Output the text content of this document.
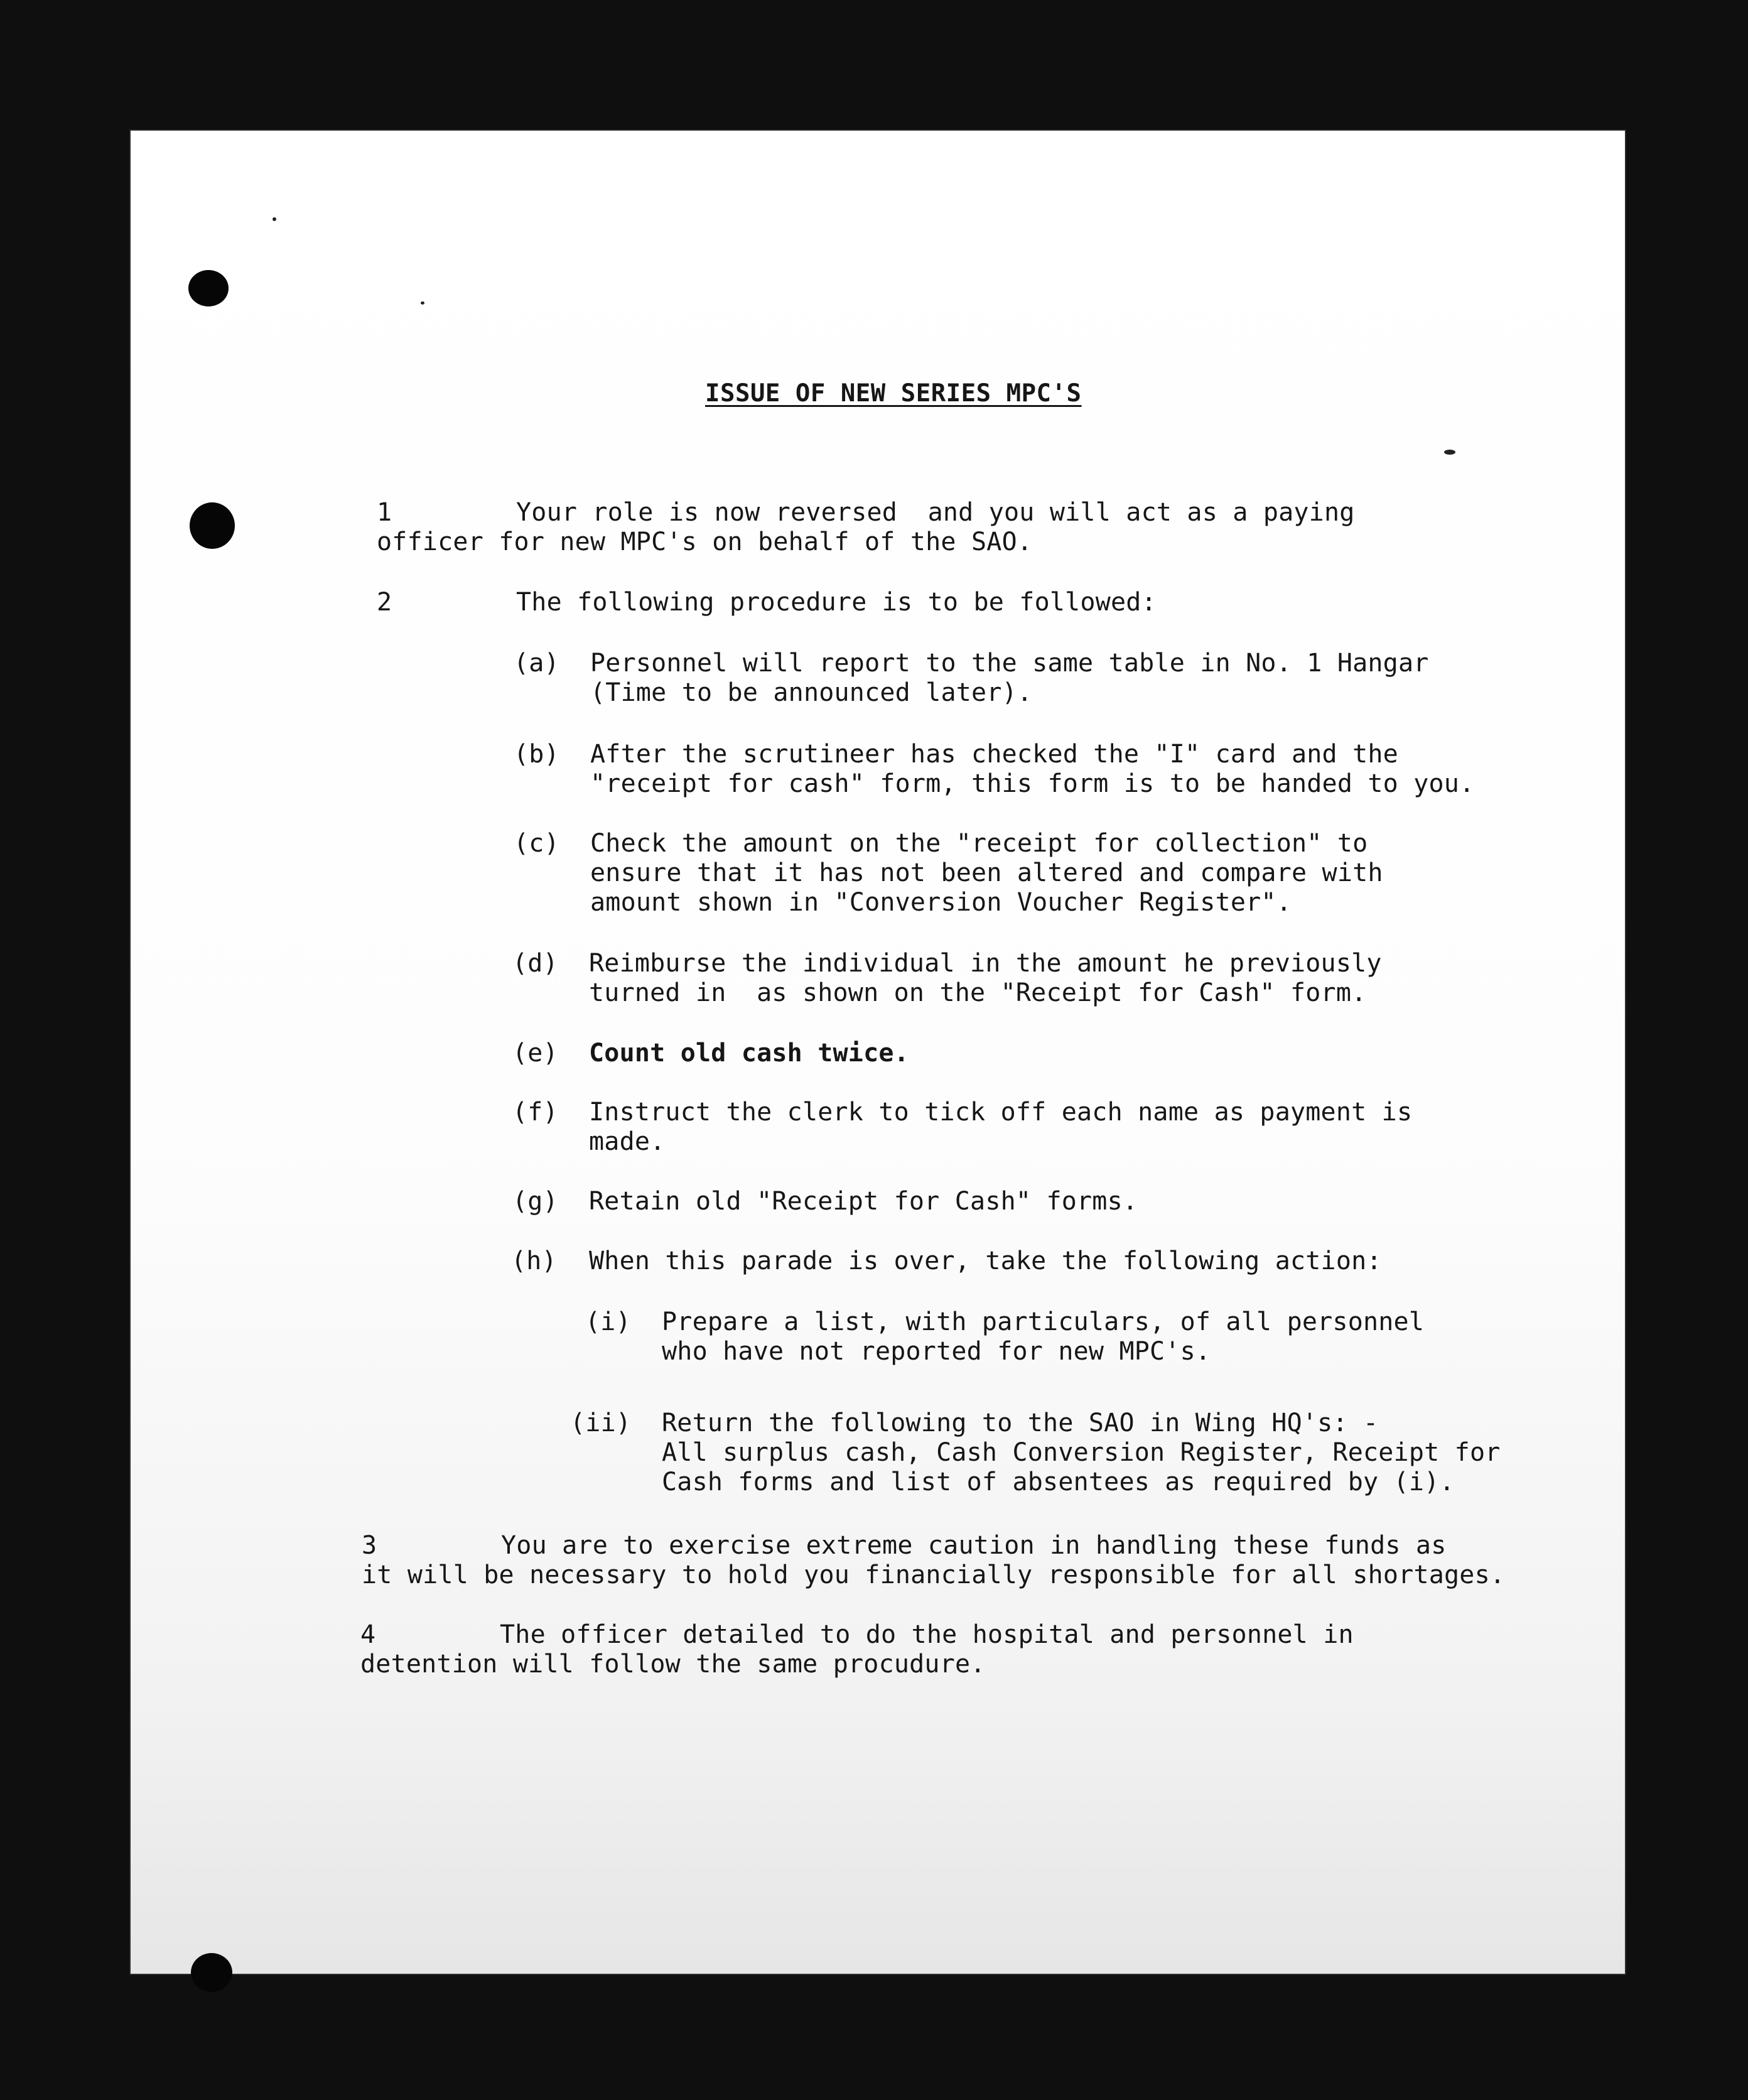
ISSUE OF NEW SERIES MPC'S
1	Your role is now reversed  and you will act as a paying
officer for new MPC's on behalf of the SAO.
2	The following procedure is to be followed:
(a) Personnel will report to the same table in No. 1 Hangar
(Time to be announced later).
(b) After the scrutineer has checked the "I" card and the
"receipt for cash" form, this form is to be handed to you.
(c) Check the amount on the "receipt for collection" to
ensure that it has not been altered and compare with
amount shown in "Conversion Voucher Register".
(d) Reimburse the individual in the amount he previously
turned in  as shown on the "Receipt for Cash" form.
(e) Count old cash twice.
(f) Instruct the clerk to tick off each name as payment is
made.
(g) Retain old "Receipt for Cash" forms.
(h) When this parade is over, take the following action:
(i) Prepare a list, with particulars, of all personnel
who have not reported for new MPC's.
(ii) Return the following to the SAO in Wing HQ's: -
All surplus cash, Cash Conversion Register, Receipt for
Cash forms and list of absentees as required by (i).
3	You are to exercise extreme caution in handling these funds as
it will be necessary to hold you financially responsible for all shortages.
4	The officer detailed to do the hospital and personnel in
detention will follow the same procudure.
